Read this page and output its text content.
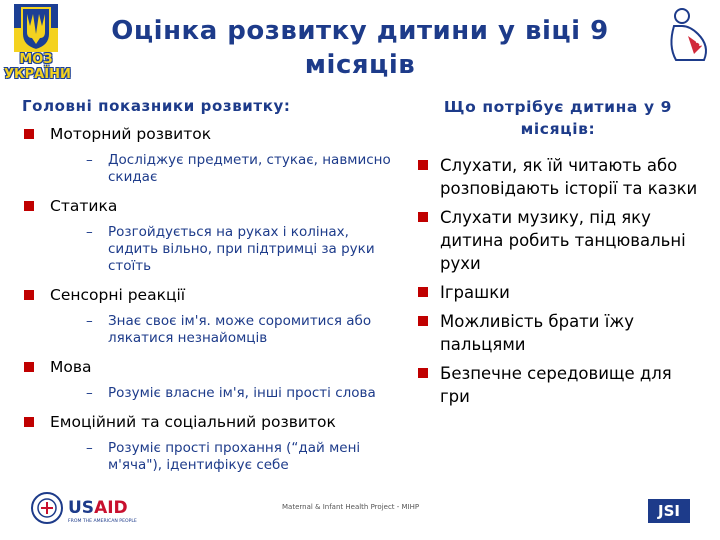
МОЗ
УКРАЇНИ
Оцінка розвитку дитини у віці 9 місяців
Головні показники розвитку:
Моторний розвиток
– Досліджує предмети, стукає, навмисно скидає
Статика
– Розгойдується на руках і колінах, сидить вільно, при підтримці за руки стоїть
Сенсорні реакції
– Знає своє ім'я. може соромитися або лякатися незнайомців
Мова
– Розуміє власне ім'я, інші прості слова
Емоційний та соціальний розвиток
– Розуміє прості прохання (“дай мені м'яча"), ідентифікує себе
Що потрібує дитина у 9 місяців:
Слухати, як їй читають або розповідають історії та казки
Слухати музику, під яку дитина робить танцювальні рухи
Іграшки
Можливість брати їжу пальцями
Безпечне середовище для гри
USAID
FROM THE AMERICAN PEOPLE
Maternal & Infant Health Project - MIHP	JSI
